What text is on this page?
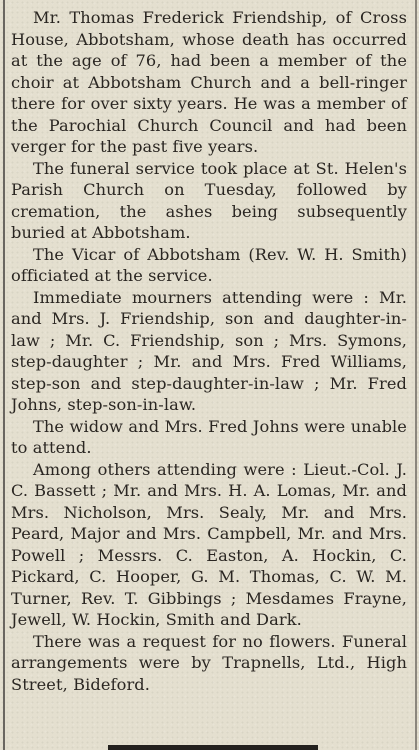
Mr. Thomas Frederick Friendship, of Cross House, Abbotsham, whose death has occurred at the age of 76, had been a member of the choir at Abbotsham Church and a bell-ringer there for over sixty years. He was a member of the Parochial Church Council and had been verger for the past five years.

The funeral service took place at St. Helen's Parish Church on Tuesday, followed by cremation, the ashes being subsequently buried at Abbotsham.

The Vicar of Abbotsham (Rev. W. H. Smith) officiated at the service.

Immediate mourners attending were : Mr. and Mrs. J. Friendship, son and daughter-in-law ; Mr. C. Friendship, son ; Mrs. Symons, step-daughter ; Mr. and Mrs. Fred Williams, step-son and step-daughter-in-law ; Mr. Fred Johns, step-son-in-law.

The widow and Mrs. Fred Johns were unable to attend.

Among others attending were : Lieut.-Col. J. C. Bassett ; Mr. and Mrs. H. A. Lomas, Mr. and Mrs. Nicholson, Mrs. Sealy, Mr. and Mrs. Peard, Major and Mrs. Campbell, Mr. and Mrs. Powell ; Messrs. C. Easton, A. Hockin, C. Pickard, C. Hooper, G. M. Thomas, C. W. M. Turner, Rev. T. Gibbings ; Mesdames Frayne, Jewell, W. Hockin, Smith and Dark.

There was a request for no flowers. Funeral arrangements were by Trapnells, Ltd., High Street, Bideford.
